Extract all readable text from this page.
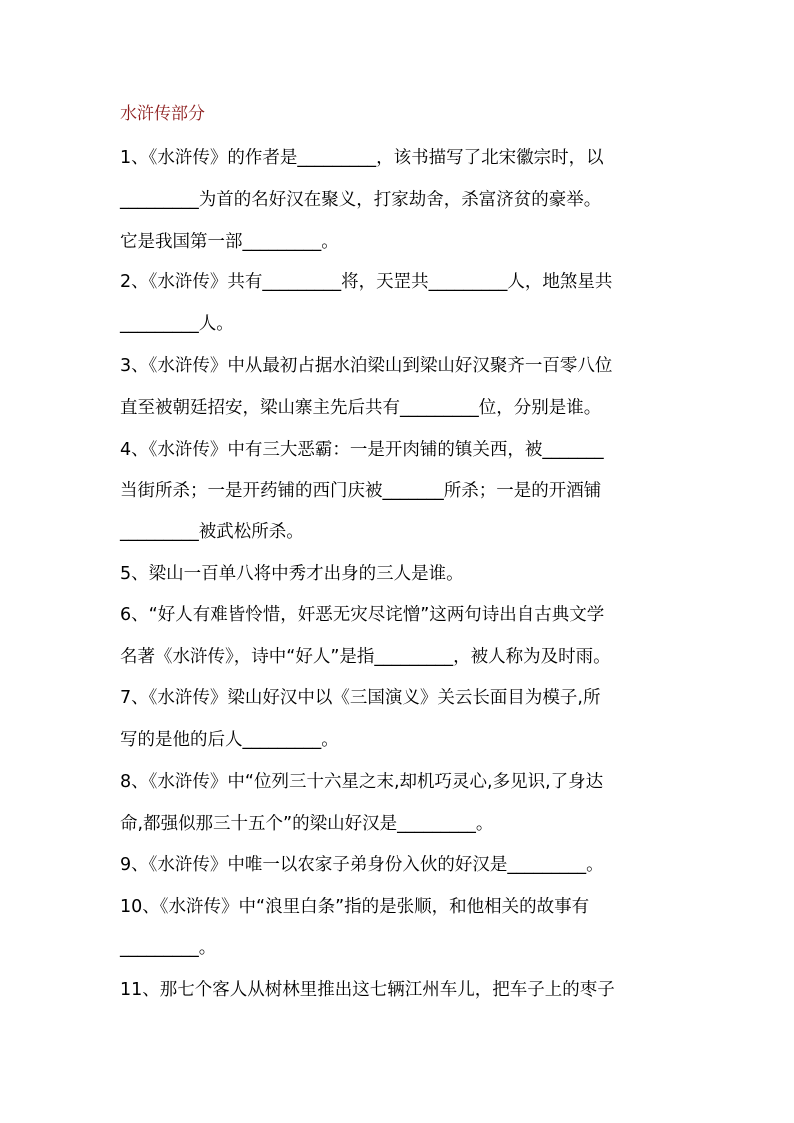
水浒传部分
1、《水浒传》的作者是_________，该书描写了北宋徽宗时，以
_________为首的名好汉在聚义，打家劫舍，杀富济贫的豪举。
它是我国第一部_________。
2、《水浒传》共有_________将，天罡共_________人，地煞星共
_________人。
3、《水浒传》中从最初占据水泊梁山到梁山好汉聚齐一百零八位
直至被朝廷招安，梁山寨主先后共有_________位，分别是谁。
4、《水浒传》中有三大恶霸：一是开肉铺的镇关西，被_______
当街所杀；一是开药铺的西门庆被_______所杀；一是的开酒铺
_________被武松所杀。
5、梁山一百单八将中秀才出身的三人是谁。
6、“好人有难皆怜惜，奸恶无灾尽诧憎”这两句诗出自古典文学
名著《水浒传》，诗中“好人”是指_________，被人称为及时雨。
7、《水浒传》梁山好汉中以《三国演义》关云长面目为模子,所
写的是他的后人_________。
8、《水浒传》中“位列三十六星之末,却机巧灵心,多见识,了身达
命,都强似那三十五个”的梁山好汉是_________。
9、《水浒传》中唯一以农家子弟身份入伙的好汉是_________。
10、《水浒传》中“浪里白条”指的是张顺，和他相关的故事有
_________。
11、那七个客人从树林里推出这七辆江州车儿，把车子上的枣子
